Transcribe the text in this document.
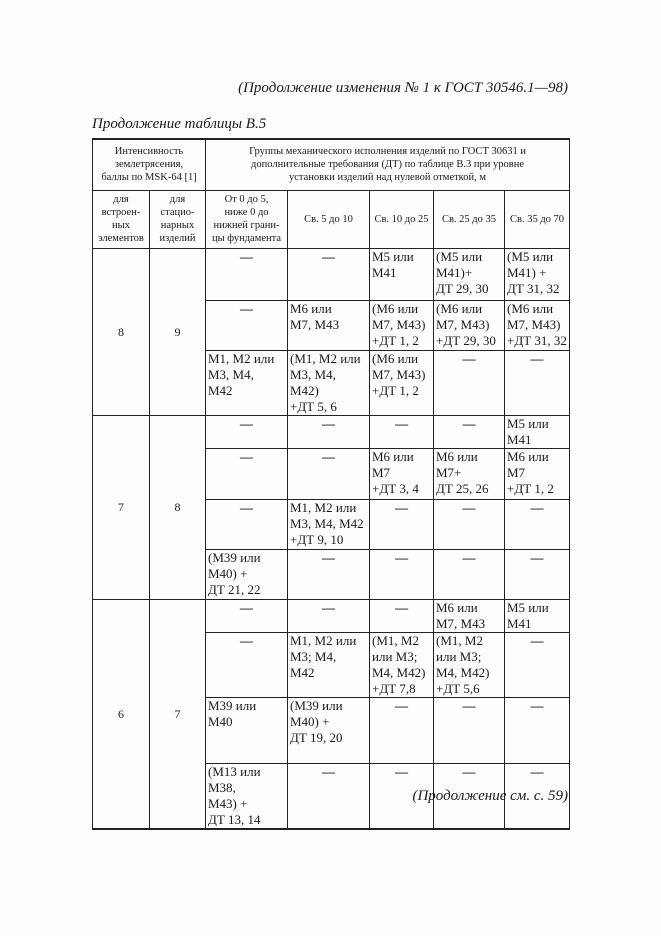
(Продолжение изменения № 1 к ГОСТ 30546.1—98)
Продолжение таблицы В.5
Интенсивность
землетрясения,
баллы по MSK-64 [1]		Группы механического исполнения изделий по ГОСТ 30631 и
дополнительные требования (ДТ) по таблице В.3 при уровне
установки изделий над нулевой отметкой, м				
для
встроен-
ных
элементов	для
стацио-
нарных
изделий	От 0 до 5,
ниже 0 до
нижней грани-
цы фундамента	Св. 5 до 10	Св. 10 до 25	Св. 25 до 35	Св. 35 до 70
8	9	—	—	М5 или
М41	(М5 или
М41)+
ДТ 29, 30	(М5 или
М41) +
ДТ 31, 32
		—	М6 или
М7, М43	(М6 или
М7, М43)
+ДТ 1, 2	(М6 или
М7, М43)
+ДТ 29, 30	(М6 или
М7, М43)
+ДТ 31, 32
		М1, М2 или
М3, М4,
М42	(М1, М2 или
М3, М4, М42)
+ДТ 5, 6	(М6 или
М7, М43)
+ДТ 1, 2	—	—
7	8	—	—	—	—	М5 или
М41
		—	—	М6 или
М7
+ДТ 3, 4	М6 или
М7+
ДТ 25, 26	М6 или
М7
+ДТ 1, 2
		—	М1, М2 или
М3, М4, М42
+ДТ 9, 10	—	—	—
		(М39 или
М40) +
ДТ 21, 22	—	—	—	—
6	7	—	—	—	М6 или
М7, М43	М5 или
М41
		—	М1, М2 или
М3; М4,
М42	(М1, М2
или М3;
М4, М42)
+ДТ 7,8	(М1, М2
или М3;
М4, М42)
+ДТ 5,6	—
		М39 или
М40	(М39 или
М40) +
ДТ 19, 20	—	—	—
		(М13 или М38,
М43) +
ДТ 13, 14	—	—	—	—
(Продолжение см. с. 59)
